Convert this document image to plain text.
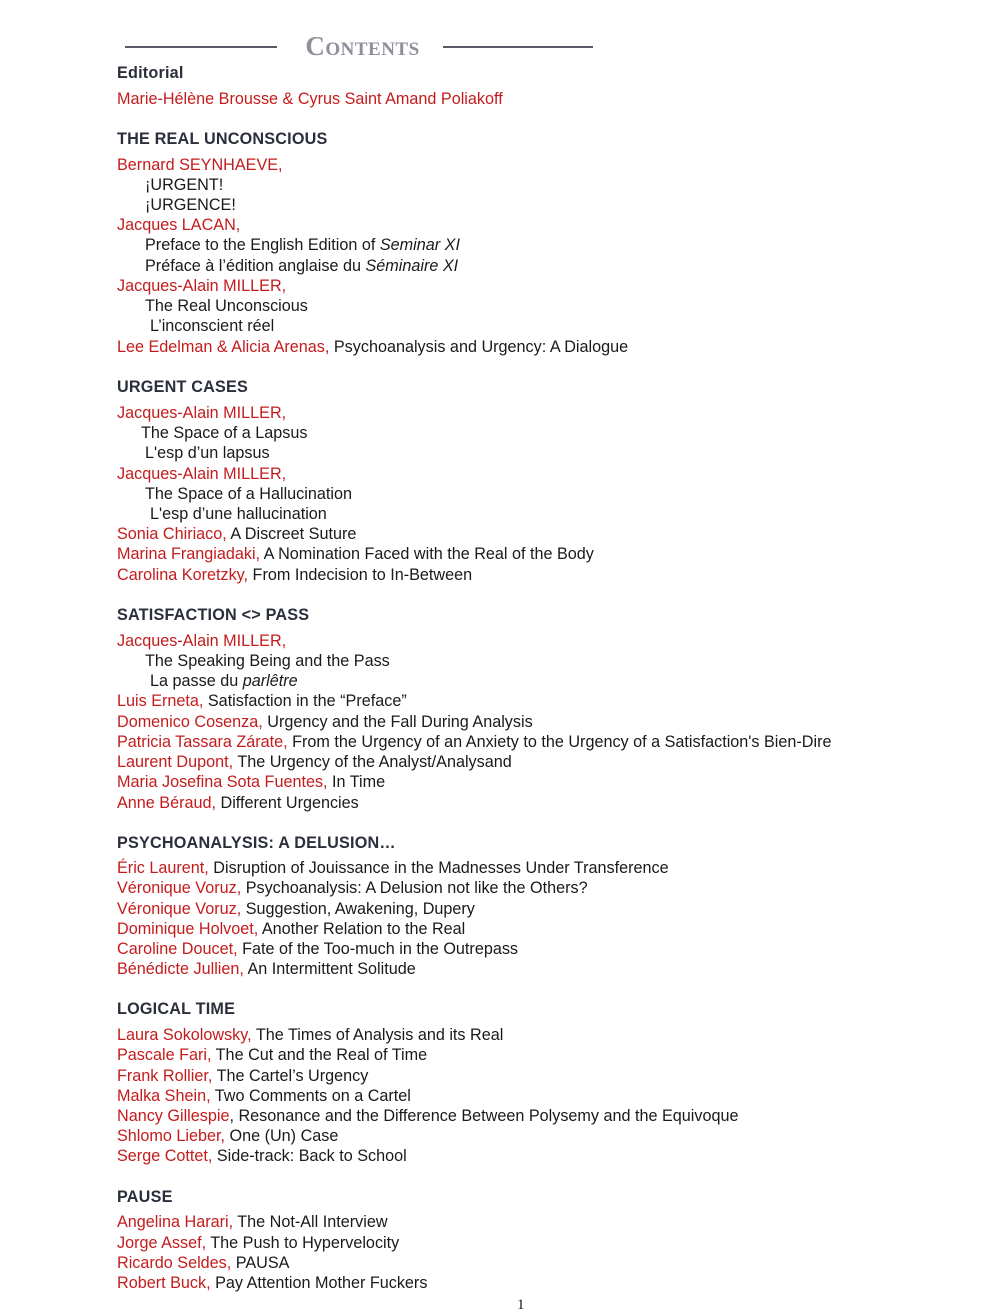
Contents
Editorial
Marie-Hélène Brousse & Cyrus Saint Amand Poliakoff
THE REAL UNCONSCIOUS
Bernard SEYNHAEVE,
¡URGENT!
¡URGENCE!
Jacques LACAN,
Preface to the English Edition of Seminar XI
Préface à l’édition anglaise du Séminaire XI
Jacques-Alain MILLER,
The Real Unconscious
L’inconscient réel
Lee Edelman & Alicia Arenas, Psychoanalysis and Urgency: A Dialogue
URGENT CASES
Jacques-Alain MILLER,
The Space of a Lapsus
L'esp d’un lapsus
Jacques-Alain MILLER,
The Space of a Hallucination
L'esp d’une hallucination
Sonia Chiriaco, A Discreet Suture
Marina Frangiadaki, A Nomination Faced with the Real of the Body
Carolina Koretzky, From Indecision to In-Between
SATISFACTION <> PASS
Jacques-Alain MILLER,
The Speaking Being and the Pass
La passe du parlêtre
Luis Erneta, Satisfaction in the “Preface”
Domenico Cosenza, Urgency and the Fall During Analysis
Patricia Tassara Zárate, From the Urgency of an Anxiety to the Urgency of a Satisfaction's Bien-Dire
Laurent Dupont, The Urgency of the Analyst/Analysand
Maria Josefina Sota Fuentes, In Time
Anne Béraud, Different Urgencies
PSYCHOANALYSIS: A DELUSION…
Éric Laurent, Disruption of Jouissance in the Madnesses Under Transference
Véronique Voruz, Psychoanalysis: A Delusion not like the Others?
Véronique Voruz, Suggestion, Awakening, Dupery
Dominique Holvoet, Another Relation to the Real
Caroline Doucet, Fate of the Too-much in the Outrepass
Bénédicte Jullien, An Intermittent Solitude
LOGICAL TIME
Laura Sokolowsky, The Times of Analysis and its Real
Pascale Fari, The Cut and the Real of Time
Frank Rollier, The Cartel’s Urgency
Malka Shein, Two Comments on a Cartel
Nancy Gillespie, Resonance and the Difference Between Polysemy and the Equivoque
Shlomo Lieber, One (Un) Case
Serge Cottet, Side-track: Back to School
PAUSE
Angelina Harari, The Not-All Interview
Jorge Assef, The Push to Hypervelocity
Ricardo Seldes, PAUSA
Robert Buck, Pay Attention Mother Fuckers
1
